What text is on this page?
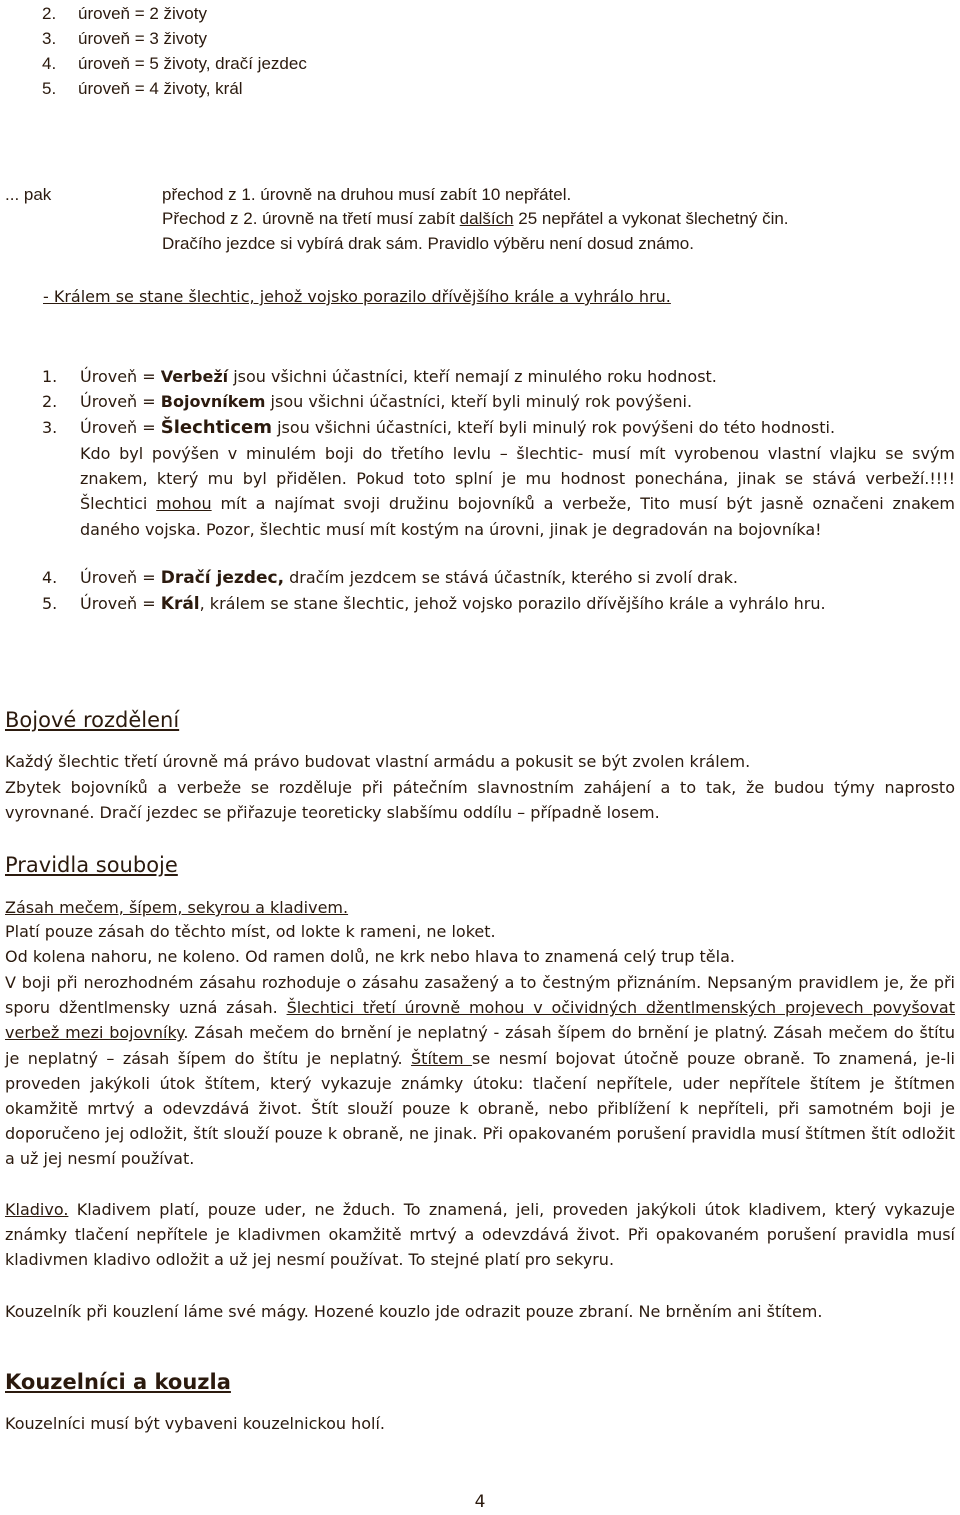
2. úroveň = 2 životy
3. úroveň = 3 životy
4. úroveň = 5 životy, dračí jezdec
5. úroveň = 4 životy, král
... pak	přechod z 1. úrovně na druhou musí zabít 10 nepřátel.
Přechod z 2. úrovně na třetí musí zabít dalších 25 nepřátel a vykonat šlechetný čin.
Dračího jezdce si vybírá drak sám. Pravidlo výběru není dosud známo.
- Králem se stane šlechtic, jehož vojsko porazilo dřívějšího krále a vyhrálo hru.
1. Úroveň = Verbeží jsou všichni účastníci, kteří nemají z minulého roku hodnost.
2. Úroveň = Bojovníkem jsou všichni účastníci, kteří byli minulý rok povýšeni.
3. Úroveň = Šlechticem jsou všichni účastníci, kteří byli minulý rok povýšeni do této hodnosti.
Kdo byl povýšen v minulém boji do třetího levlu – šlechtic- musí mít vyrobenou vlastní vlajku se svým znakem, který mu byl přidělen. Pokud toto splní je mu hodnost ponechána, jinak se stává verbeží.!!!! Šlechtici mohou mít a najímat svoji družinu bojovníků a verbeže, Tito musí být jasně označeni znakem daného vojska. Pozor, šlechtic musí mít kostým na úrovni, jinak je degradován na bojovníka!
4. Úroveň = Dračí jezdec, dračím jezdcem se stává účastník, kterého si zvolí drak.
5. Úroveň = Král, králem se stane šlechtic, jehož vojsko porazilo dřívějšího krále a vyhrálo hru.
Bojové rozdělení
Každý šlechtic třetí úrovně má právo budovat vlastní armádu a pokusit se být zvolen králem.
Zbytek bojovníků a verbeže se rozděluje při pátečním slavnostním zahájení a to tak, že budou týmy naprosto vyrovnané. Dračí jezdec se přiřazuje teoreticky slabšímu oddílu – případně losem.
Pravidla souboje
Zásah mečem, šípem, sekyrou a kladivem.
Platí pouze zásah do těchto míst, od lokte k rameni, ne loket.
Od kolena nahoru, ne koleno. Od ramen dolů, ne krk nebo hlava to znamená celý trup těla.
V boji při nerozhodném zásahu rozhoduje o zásahu zasažený a to čestným přiznáním. Nepsaným pravidlem je, že při sporu džentlmensky uzná zásah. Šlechtici třetí úrovně mohou v očividných džentlmenských projevech povyšovat verbež mezi bojovníky. Zásah mečem do brnění je neplatný - zásah šípem do brnění je platný. Zásah mečem do štítu je neplatný – zásah šípem do štítu je neplatný. Štítem se nesmí bojovat útočně pouze obraně. To znamená, je-li proveden jakýkoli útok štítem, který vykazuje známky útoku: tlačení nepřítele, uder nepřítele štítem je štítmen okamžitě mrtvý a odevzdává život. Štít slouží pouze k obraně, nebo přiblížení k nepříteli, při samotném boji je doporučeno jej odložit, štít slouží pouze k obraně, ne jinak. Při opakovaném porušení pravidla musí štítmen štít odložit a už jej nesmí používat.
Kladivo. Kladivem platí, pouze uder, ne žduch. To znamená, jeli, proveden jakýkoli útok kladivem, který vykazuje známky tlačení nepřítele je kladivmen okamžitě mrtvý a odevzdává život. Při opakovaném porušení pravidla musí kladivmen kladivo odložit a už jej nesmí používat. To stejné platí pro sekyru.
Kouzelník při kouzlení láme své mágy. Hozené kouzlo jde odrazit pouze zbraní. Ne brněním ani štítem.
Kouzelníci a kouzla
Kouzelníci musí být vybaveni kouzelnickou holí.
4
